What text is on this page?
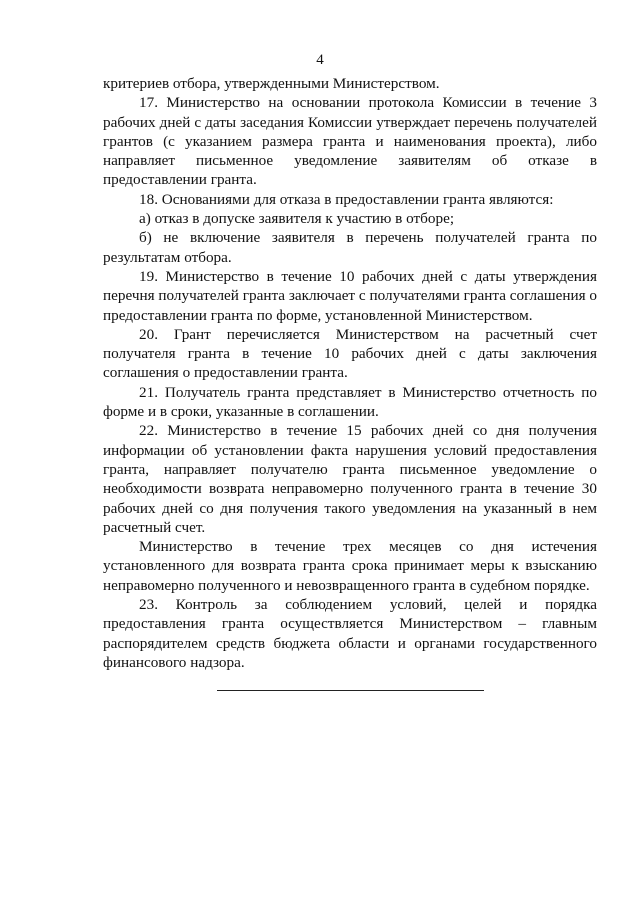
4

критериев отбора, утвержденными Министерством.

17. Министерство на основании протокола Комиссии в течение 3 рабочих дней с даты заседания Комиссии утверждает перечень получателей грантов (с указанием размера гранта и наименования проекта), либо направляет письменное уведомление заявителям об отказе в предоставлении гранта.

18. Основаниями для отказа в предоставлении гранта являются:

а) отказ в допуске заявителя к участию в отборе;

б) не включение заявителя в перечень получателей гранта по результатам отбора.

19. Министерство в течение 10 рабочих дней с даты утверждения перечня получателей гранта заключает с получателями гранта соглашения о предоставлении гранта по форме, установленной Министерством.

20. Грант перечисляется Министерством на расчетный счет получателя гранта в течение 10 рабочих дней с даты заключения соглашения о предоставлении гранта.

21. Получатель гранта представляет в Министерство отчетность по форме и в сроки, указанные в соглашении.

22. Министерство в течение 15 рабочих дней со дня получения информации об установлении факта нарушения условий предоставления гранта, направляет получателю гранта письменное уведомление о необходимости возврата неправомерно полученного гранта в течение 30 рабочих дней со дня получения такого уведомления на указанный в нем расчетный счет.

Министерство в течение трех месяцев со дня истечения установленного для возврата гранта срока принимает меры к взысканию неправомерно полученного и невозвращенного гранта в судебном порядке.

23. Контроль за соблюдением условий, целей и порядка предоставления гранта осуществляется Министерством – главным распорядителем средств бюджета области и органами государственного финансового надзора.
